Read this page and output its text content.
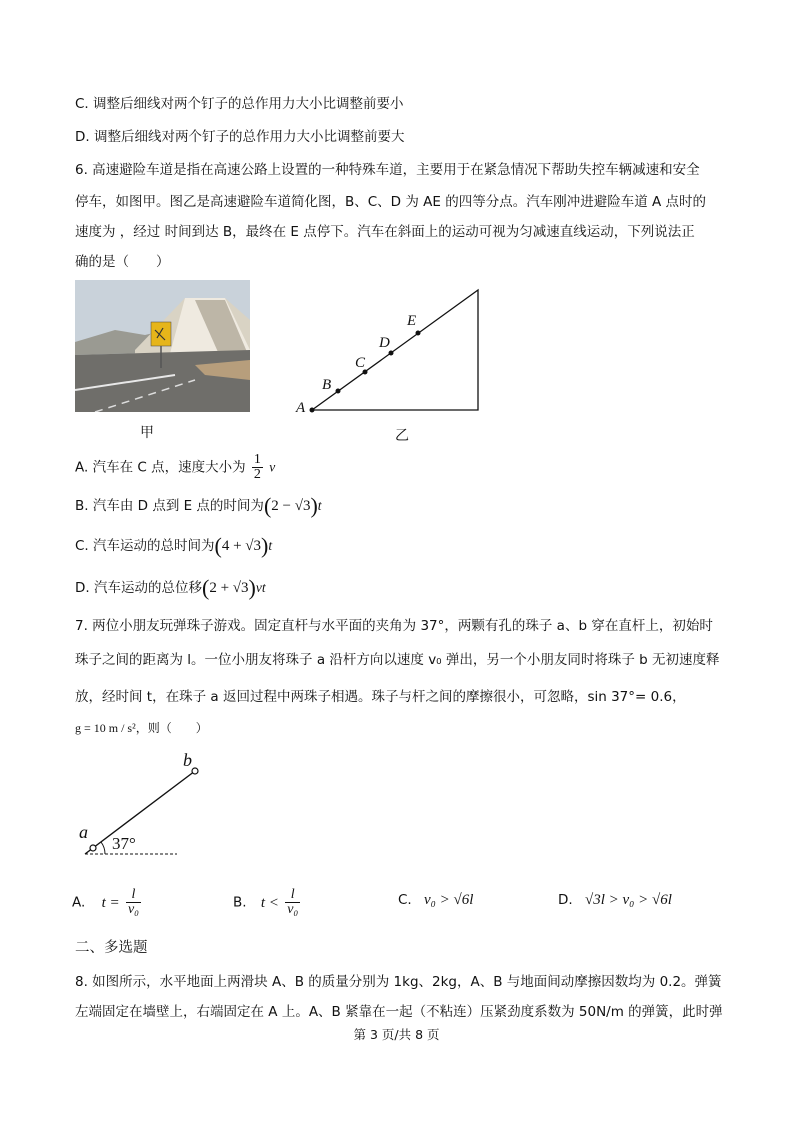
C. 调整后细线对两个钉子的总作用力大小比调整前要小
D. 调整后细线对两个钉子的总作用力大小比调整前要大
6. 高速避险车道是指在高速公路上设置的一种特殊车道，主要用于在紧急情况下帮助失控车辆减速和安全
停车，如图甲。图乙是高速避险车道简化图，B、C、D 为 AE 的四等分点。汽车刚冲进避险车道 A 点时的
速度为 ，经过 时间到达 B，最终在 E 点停下。汽车在斜面上的运动可视为匀减速直线运动，下列说法正
确的是（　　）
甲
A
B
C
D
E
乙
A. 汽车在 C 点，速度大小为 $\frac{1}{2}$ v
B. 汽车由 D 点到 E 点的时间为(2 − √3)t
C. 汽车运动的总时间为(4 + √3)t
D. 汽车运动的总位移(2 + √3)vt
7. 两位小朋友玩弹珠子游戏。固定直杆与水平面的夹角为 37°，两颗有孔的珠子 a、b 穿在直杆上，初始时
珠子之间的距离为 l。一位小朋友将珠子 a 沿杆方向以速度 v₀ 弹出，另一个小朋友同时将珠子 b 无初速度释
放，经时间 t，在珠子 a 返回过程中两珠子相遇。珠子与杆之间的摩擦很小，可忽略，sin 37°= 0.6，
g = 10 m / s²，则（　　）
a
b
37°
A. $t = \frac{l}{\text{v₀}}$	B. $t < \frac{l}{\text{v₀}}$	C. v₀ > √6l	D. √3l > v₀ > √6l
二、多选题
8. 如图所示，水平地面上两滑块 A、B 的质量分别为 1kg、2kg，A、B 与地面间动摩擦因数均为 0.2。弹簧
左端固定在墙壁上，右端固定在 A 上。A、B 紧靠在一起（不粘连）压紧劲度系数为 50N/m 的弹簧，此时弹
第 3 页/共 8 页
